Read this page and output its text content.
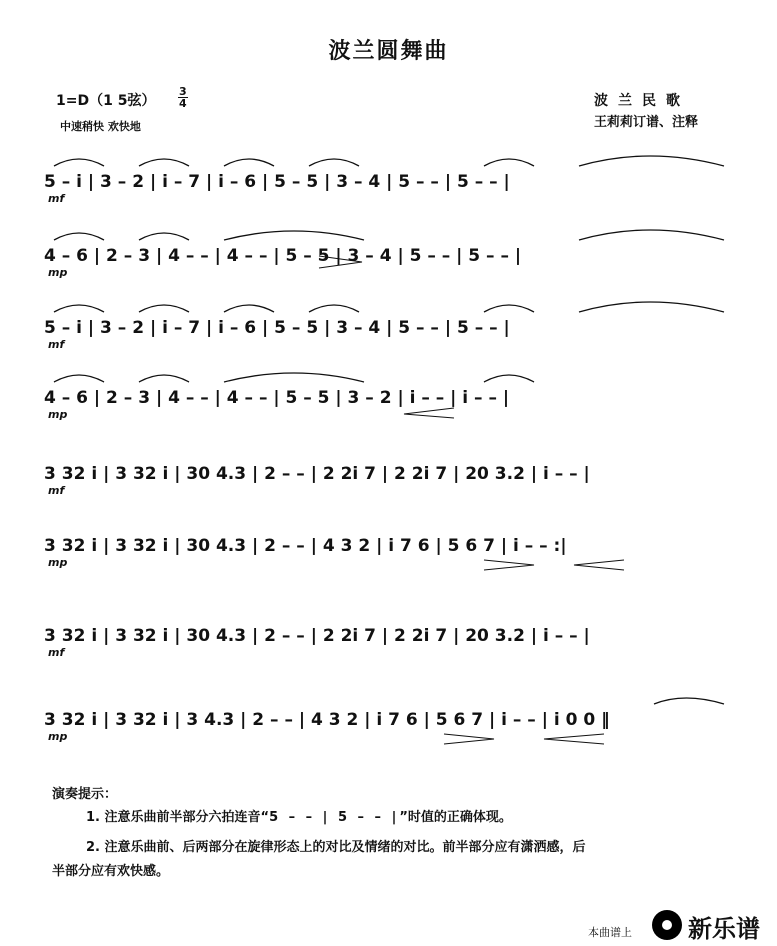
波兰圆舞曲
1=D（1 5弦）
3
4
中速稍快 欢快地
波兰民歌
王莉莉订谱、注释
5 – i | 3 – 2 | i – 7 | i – 6 | 5 – 5 | 3 – 4 | 5 – – | 5 – – |
mf
4 – 6 | 2 – 3 | 4 – – | 4 – – | 5 – 5 | 3 – 4 | 5 – – | 5 – – |
mp
5 – i | 3 – 2 | i – 7 | i – 6 | 5 – 5 | 3 – 4 | 5 – – | 5 – – |
mf
4 – 6 | 2 – 3 | 4 – – | 4 – – | 5 – 5 | 3 – 2 | i – – | i – – |
mp
3 32 i | 3 32 i | 30 4.3 | 2 – – | 2 2i 7 | 2 2i 7 | 20 3.2 | i – – |
mf
3 32 i | 3 32 i | 30 4.3 | 2 – – | 4 3 2 | i 7 6 | 5 6 7 | i – – :|
mp
3 32 i | 3 32 i | 30 4.3 | 2 – – | 2 2i 7 | 2 2i 7 | 20 3.2 | i – – |
mf
3 32 i | 3 32 i | 3 4.3 | 2 – – | 4 3 2 | i 7 6 | 5 6 7 | i – – | i 0 0 ‖
mp
演奏提示：
1. 注意乐曲前半部分六拍连音“5 – – | 5 – – |”时值的正确体现。
2. 注意乐曲前、后两部分在旋律形态上的对比及情绪的对比。前半部分应有潇洒感，后
半部分应有欢快感。
本曲谱上 新乐谱
